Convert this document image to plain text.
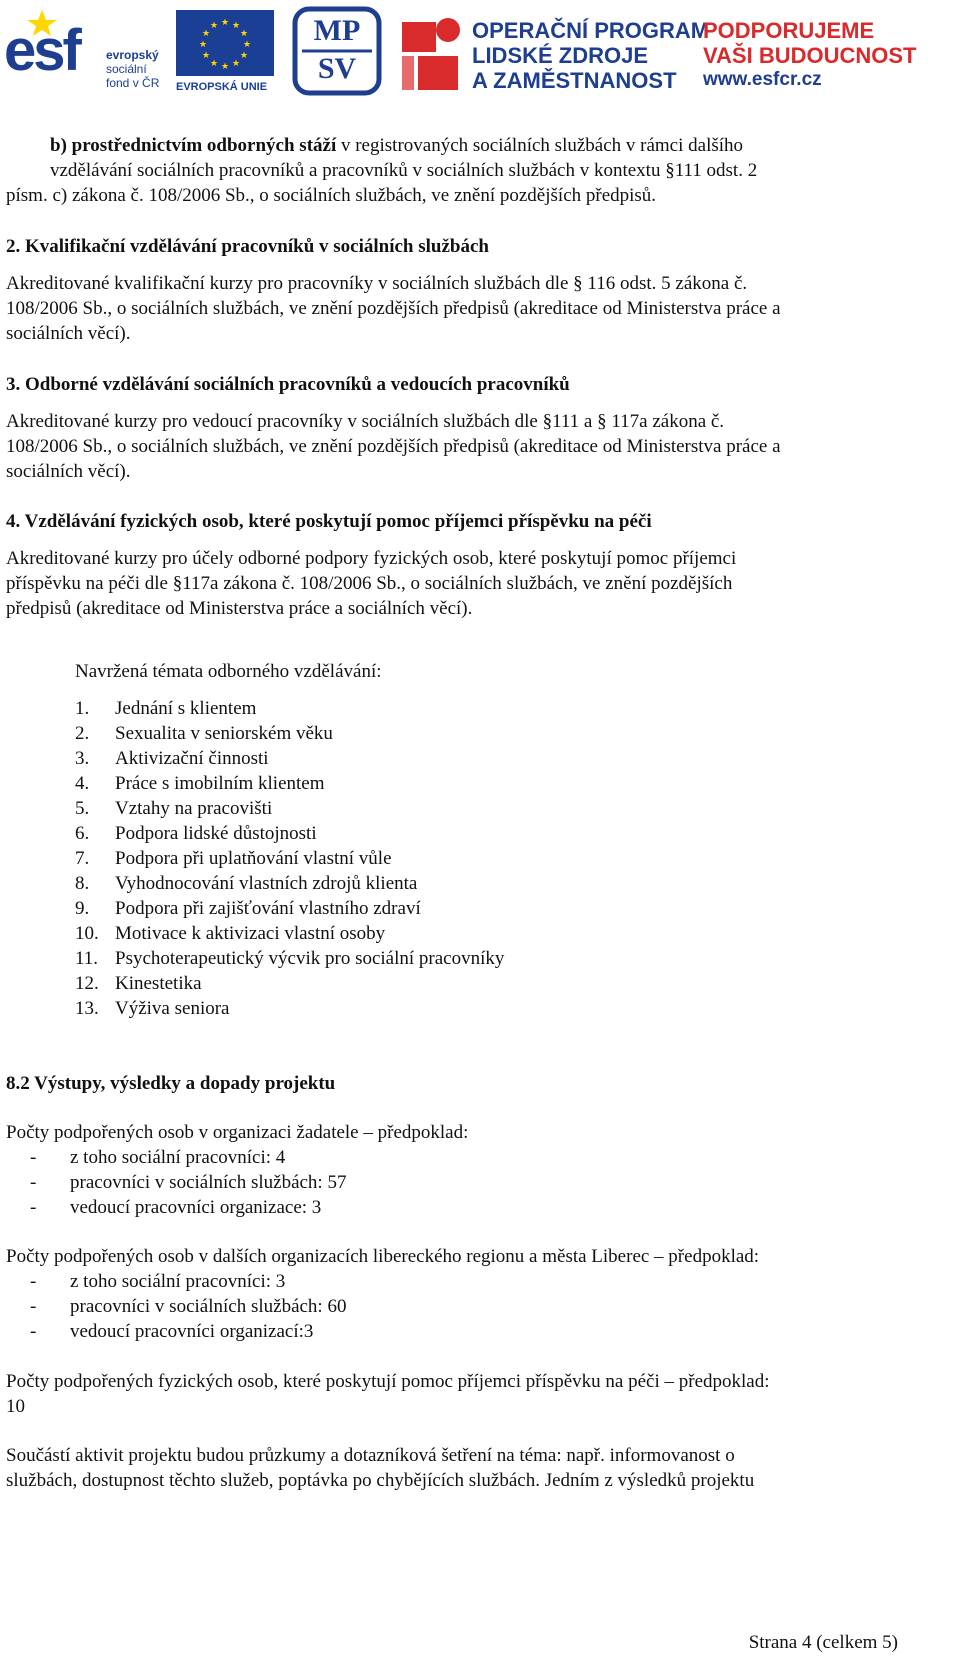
esf evropský
sociální
fond v ČR
★ ★
★
★
★
★
★
★
★
★
★
★
EVROPSKÁ UNIE
MP
SV
OPERAČNÍ PROGRAM
LIDSKÉ ZDROJE
A ZAMĚSTNANOST
PODPORUJEME
VAŠI BUDOUCNOST
www.esfcr.cz

b) prostřednictvím odborných stáží v registrovaných sociálních službách v rámci dalšího

vzdělávání sociálních pracovníků a pracovníků v sociálních službách v kontextu §111 odst. 2

písm. c) zákona č. 108/2006 Sb., o sociálních službách, ve znění pozdějších předpisů.

2. Kvalifikační vzdělávání pracovníků v sociálních službách

Akreditované kvalifikační kurzy pro pracovníky v sociálních službách dle § 116 odst. 5 zákona č.

108/2006 Sb., o sociálních službách, ve znění pozdějších předpisů (akreditace od Ministerstva práce a

sociálních věcí).

3. Odborné vzdělávání sociálních pracovníků a vedoucích pracovníků

Akreditované kurzy pro vedoucí pracovníky v sociálních službách dle §111 a § 117a zákona č.

108/2006 Sb., o sociálních službách, ve znění pozdějších předpisů (akreditace od Ministerstva práce a

sociálních věcí).

4. Vzdělávání fyzických osob, které poskytují pomoc příjemci příspěvku na péči

Akreditované kurzy pro účely odborné podpory fyzických osob, které poskytují pomoc příjemci

příspěvku na péči dle §117a zákona č. 108/2006 Sb., o sociálních službách, ve znění pozdějších

předpisů (akreditace od Ministerstva práce a sociálních věcí).

Navržená témata odborného vzdělávání:
1. Jednání s klientem
2. Sexualita v seniorském věku
3. Aktivizační činnosti
4. Práce s imobilním klientem
5. Vztahy na pracovišti
6. Podpora lidské důstojnosti
7. Podpora při uplatňování vlastní vůle
8. Vyhodnocování vlastních zdrojů klienta
9. Podpora při zajišťování vlastního zdraví
10. Motivace k aktivizaci vlastní osoby
11. Psychoterapeutický výcvik pro sociální pracovníky
12. Kinestetika
13. Výživa seniora

8.2 Výstupy, výsledky a dopady projektu

Počty podpořených osob v organizaci žadatele – předpoklad:

- z toho sociální pracovníci: 4
- pracovníci v sociálních službách: 57
- vedoucí pracovníci organizace: 3

Počty podpořených osob v dalších organizacích libereckého regionu a města Liberec – předpoklad:

- z toho sociální pracovníci: 3
- pracovníci v sociálních službách: 60
- vedoucí pracovníci organizací:3

Počty podpořených fyzických osob, které poskytují pomoc příjemci příspěvku na péči – předpoklad:

10

Součástí aktivit projektu budou průzkumy a dotazníková šetření na téma: např. informovanost o

službách, dostupnost těchto služeb, poptávka po chybějících službách. Jedním z výsledků projektu

Strana 4 (celkem 5)
